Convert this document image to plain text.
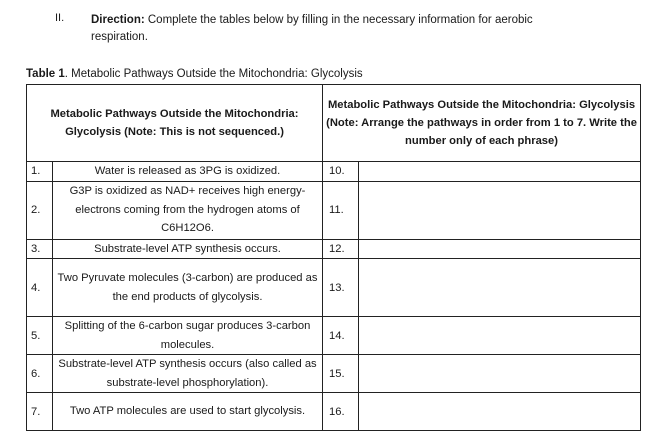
II. Direction: Complete the tables below by filling in the necessary information for aerobic respiration.
Table 1. Metabolic Pathways Outside the Mitochondria: Glycolysis
Metabolic Pathways Outside the Mitochondria: Glycolysis (Note: This is not sequenced.)		Metabolic Pathways Outside the Mitochondria: Glycolysis (Note: Arrange the pathways in order from 1 to 7. Write the number only of each phrase)	
1.	Water is released as 3PG is oxidized.	10.	
2.	G3P is oxidized as NAD+ receives high energy-electrons coming from the hydrogen atoms of C6H12O6.	11.	
3.	Substrate-level ATP synthesis occurs.	12.	
4.	Two Pyruvate molecules (3-carbon) are produced as the end products of glycolysis.	13.	
5.	Splitting of the 6-carbon sugar produces 3-carbon molecules.	14.	
6.	Substrate-level ATP synthesis occurs (also called as substrate-level phosphorylation).	15.	
7.	Two ATP molecules are used to start glycolysis.	16.	
